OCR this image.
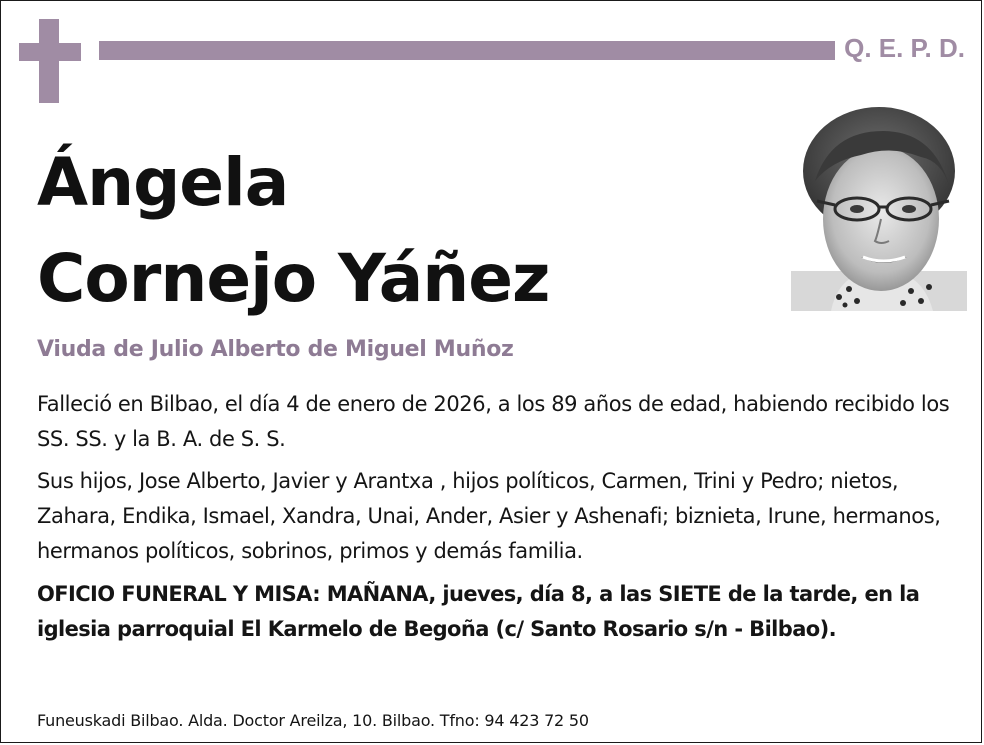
Q. E. P. D.
Ángela
Cornejo Yáñez
Viuda de Julio Alberto de Miguel Muñoz
Falleció en Bilbao, el día 4 de enero de 2026, a los 89 años de edad, habiendo recibido los SS. SS. y la B. A. de S. S.
Sus hijos, Jose Alberto, Javier y Arantxa , hijos políticos, Carmen, Trini y Pedro; nietos, Zahara, Endika, Ismael, Xandra, Unai, Ander, Asier y Ashenafi; biznieta, Irune, hermanos, hermanos políticos, sobrinos, primos y demás familia.
OFICIO FUNERAL Y MISA: MAÑANA, jueves, día 8, a las SIETE de la tarde, en la iglesia parroquial El Karmelo de Begoña (c/ Santo Rosario s/n - Bilbao).
Funeuskadi Bilbao. Alda. Doctor Areilza, 10. Bilbao. Tfno: 94 423 72 50
